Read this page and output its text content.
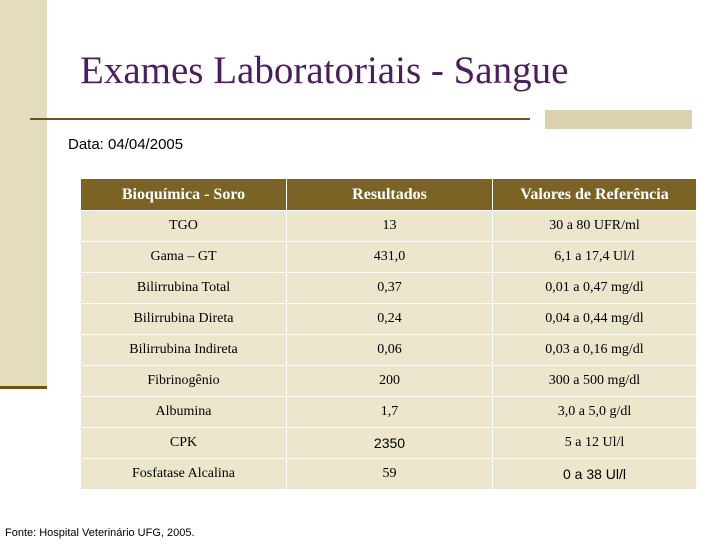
Exames Laboratoriais - Sangue
Data: 04/04/2005
Bioquímica - Soro	Resultados	Valores de Referência
TGO	13	30 a 80 UFR/ml
Gama – GT	431,0	6,1 a 17,4 Ul/l
Bilirrubina Total	0,37	0,01 a 0,47 mg/dl
Bilirrubina Direta	0,24	0,04 a 0,44 mg/dl
Bilirrubina Indireta	0,06	0,03 a 0,16 mg/dl
Fibrinogênio	200	300 a 500 mg/dl
Albumina	1,7	3,0 a 5,0 g/dl
CPK	2350	5 a 12 Ul/l
Fosfatase Alcalina	59	0 a 38 Ul/l
Fonte: Hospital Veterinário UFG, 2005.
